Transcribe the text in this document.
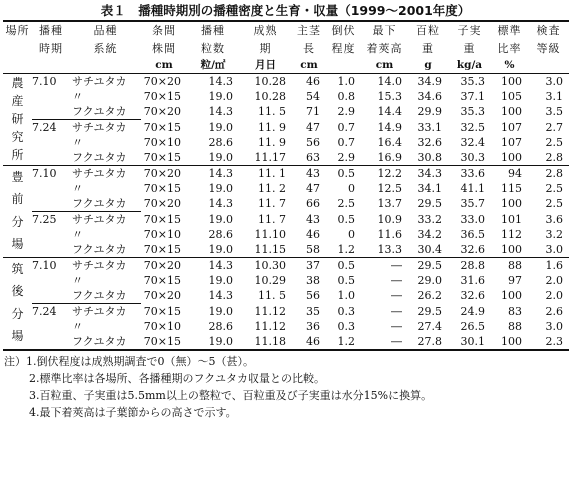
表１　播種時期別の播種密度と生育・収量（1999～2001年度）
場所	播種	品種	条間	播種	成熟	主茎	倒伏	最下	百粒	子実	標準	検査
	時期	系統	株間	粒数	期	長	程度	着莢高	重	重	比率	等級
			cm	粒/㎡	月日	cm		cm	g	kg/a	%	

農
産
研
究
所	7.10	サチユタカ	70×20	14.3	10.28	46	1.0	14.0	34.9	35.3	100	3.0
		〃	70×15	19.0	10.28	54	0.8	15.3	34.6	37.1	105	3.1
		フクユタカ	70×20	14.3	11. 5	71	2.9	14.4	29.9	35.3	100	3.5
	7.24	サチユタカ	70×15	19.0	11. 9	47	0.7	14.9	33.1	32.5	107	2.7
		〃	70×10	28.6	11. 9	56	0.7	16.4	32.6	32.4	107	2.5
		フクユタカ	70×15	19.0	11.17	63	2.9	16.9	30.8	30.3	100	2.8

豊
前
分
場	7.10	サチユタカ	70×20	14.3	11. 1	43	0.5	12.2	34.3	33.6	94	2.8
		〃	70×15	19.0	11. 2	47	0	12.5	34.1	41.1	115	2.5
		フクユタカ	70×20	14.3	11. 7	66	2.5	13.7	29.5	35.7	100	2.5
	7.25	サチユタカ	70×15	19.0	11. 7	43	0.5	10.9	33.2	33.0	101	3.6
		〃	70×10	28.6	11.10	46	0	11.6	34.2	36.5	112	3.2
		フクユタカ	70×15	19.0	11.15	58	1.2	13.3	30.4	32.6	100	3.0

筑
後
分
場	7.10	サチユタカ	70×20	14.3	10.30	37	0.5	―	29.5	28.8	88	1.6
		〃	70×15	19.0	10.29	38	0.5	―	29.0	31.6	97	2.0
		フクユタカ	70×20	14.3	11. 5	56	1.0	―	26.2	32.6	100	2.0
	7.24	サチユタカ	70×15	19.0	11.12	35	0.3	―	29.5	24.9	83	2.6
		〃	70×10	28.6	11.12	36	0.3	―	27.4	26.5	88	3.0
		フクユタカ	70×15	19.0	11.18	46	1.2	―	27.8	30.1	100	2.3

注）1.倒伏程度は成熟期調査で0（無）～5（甚）。
2.標準比率は各場所、各播種期のフクユタカ収量との比較。
3.百粒重、子実重は5.5mm以上の整粒で、百粒重及び子実重は水分15%に換算。
4.最下着莢高は子葉節からの高さで示す。
